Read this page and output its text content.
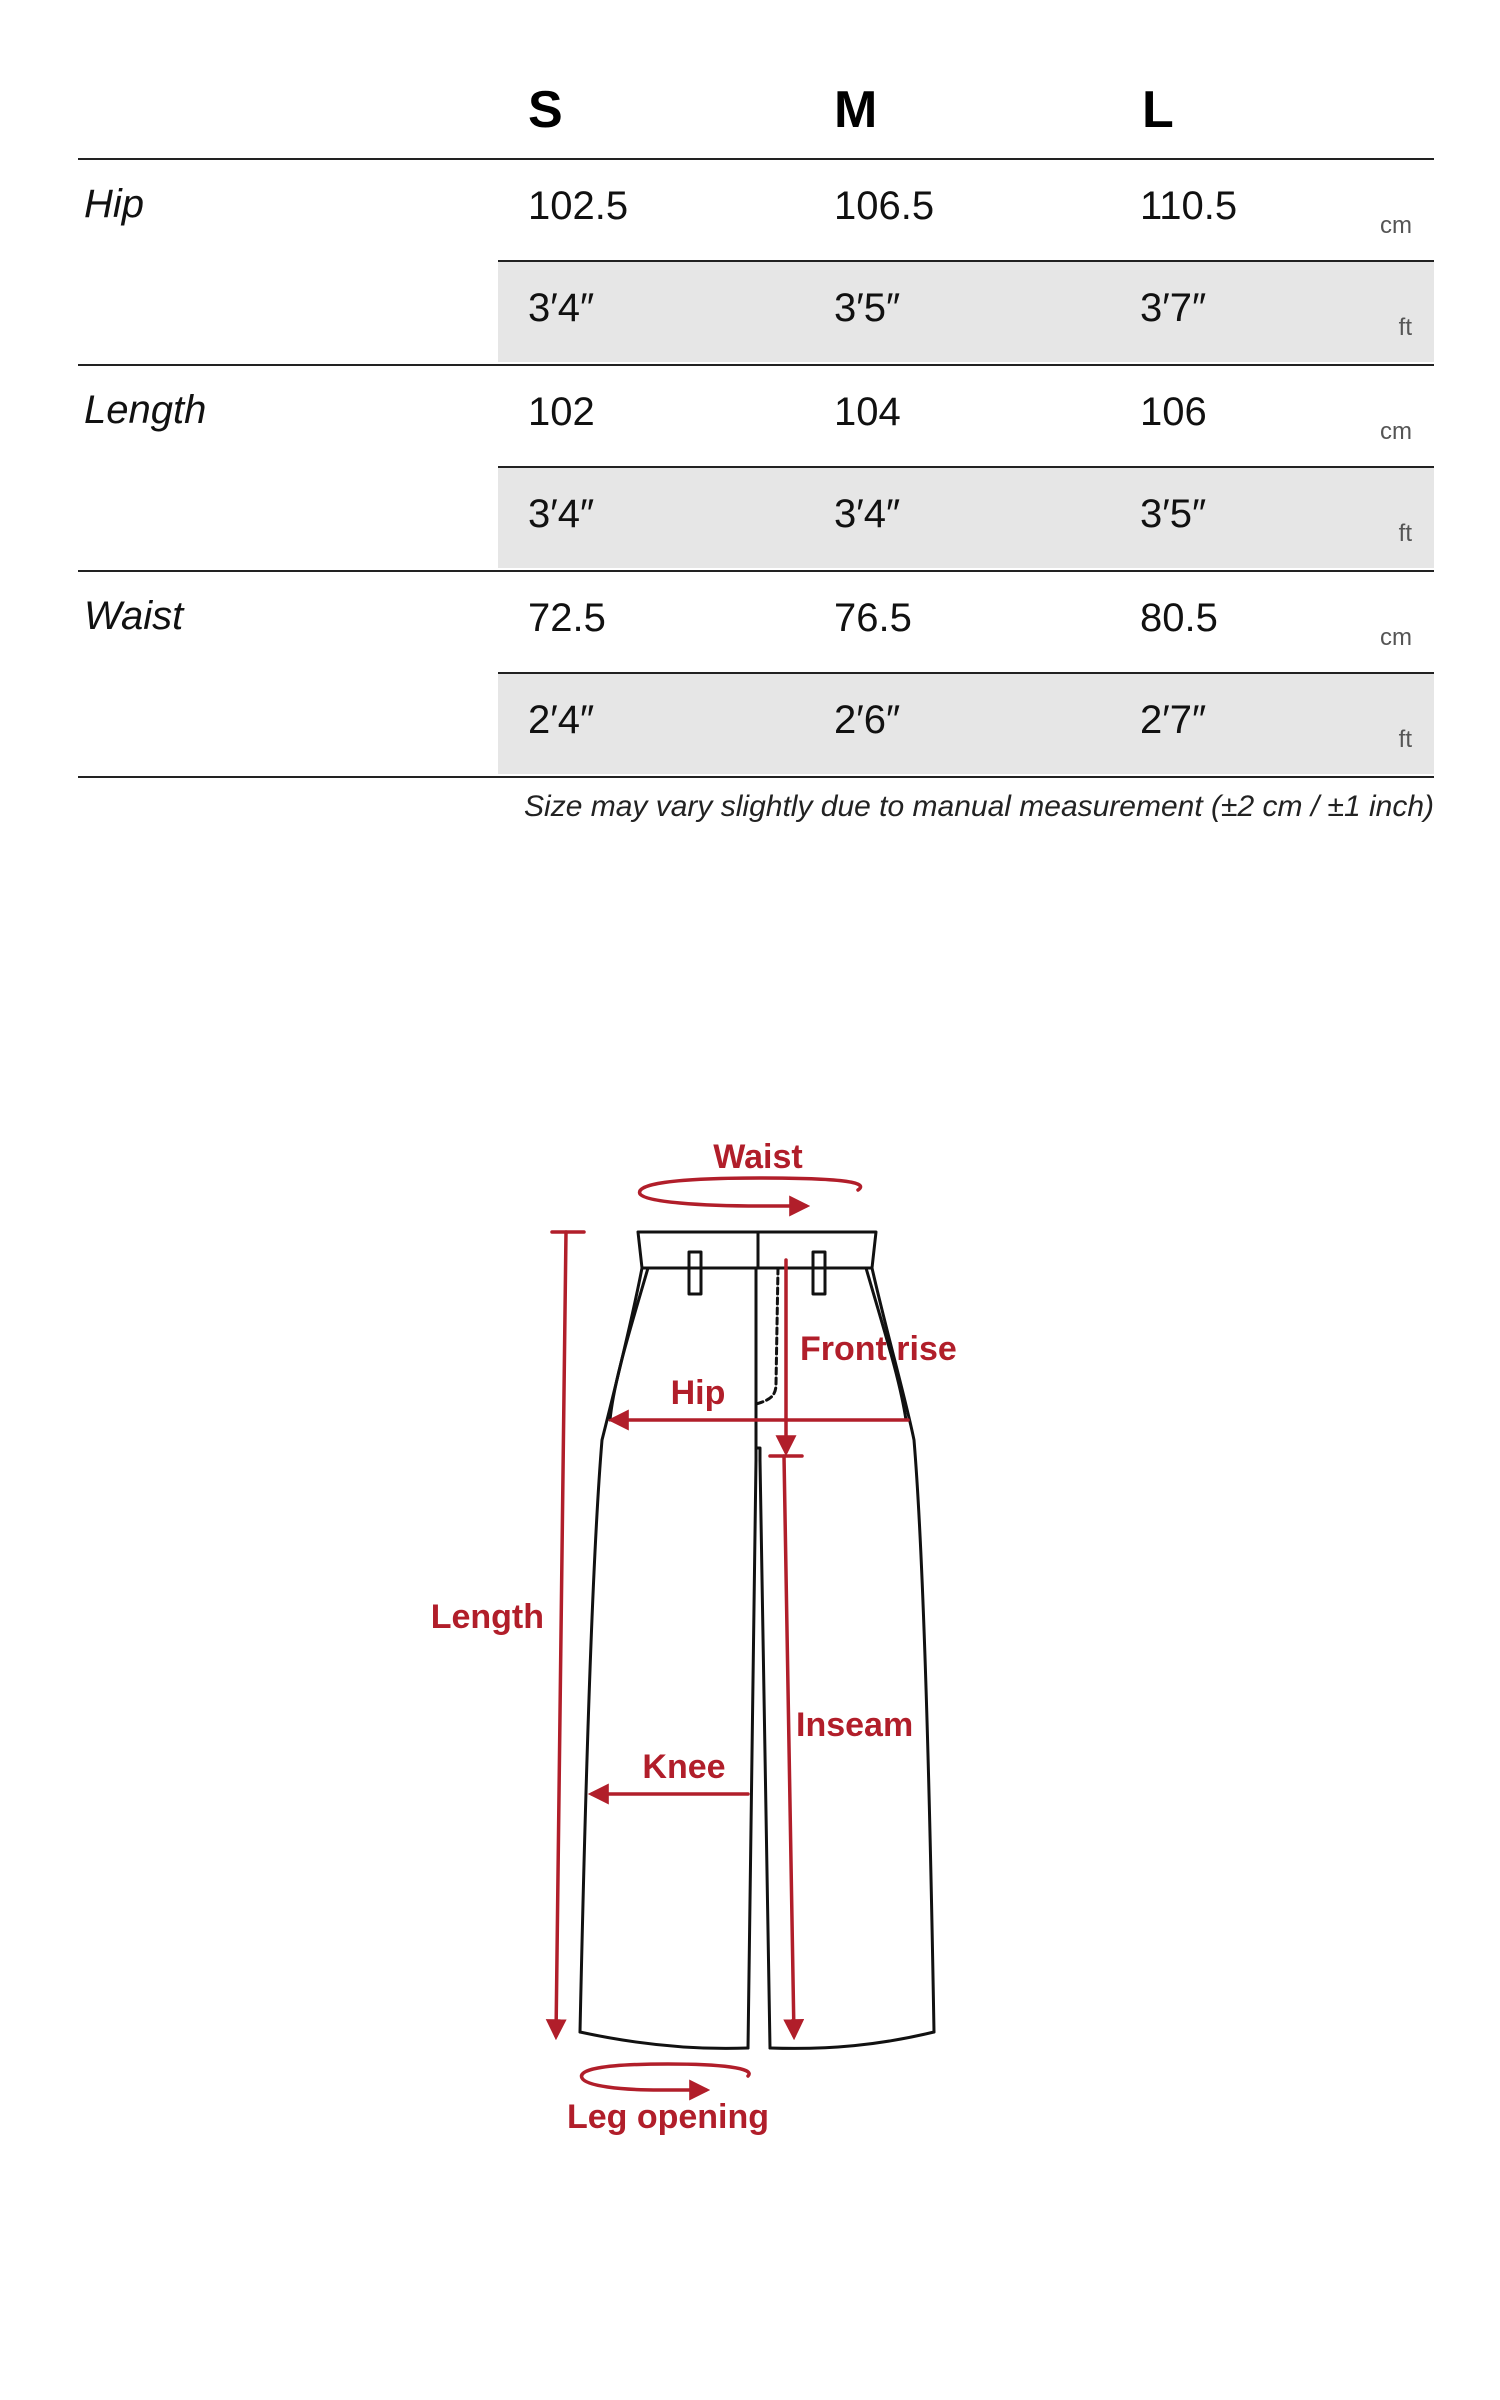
S	M	L
Hip	102.5	106.5	110.5	cm
3′4″	3′5″	3′7″	ft
Length	102	104	106	cm
3′4″	3′4″	3′5″	ft
Waist	72.5	76.5	80.5	cm
2′4″	2′6″	2′7″	ft
Size may vary slightly due to manual measurement (±2 cm / ±1 inch)
Waist
Front rise
Hip
Length
Inseam
Knee
Leg opening
